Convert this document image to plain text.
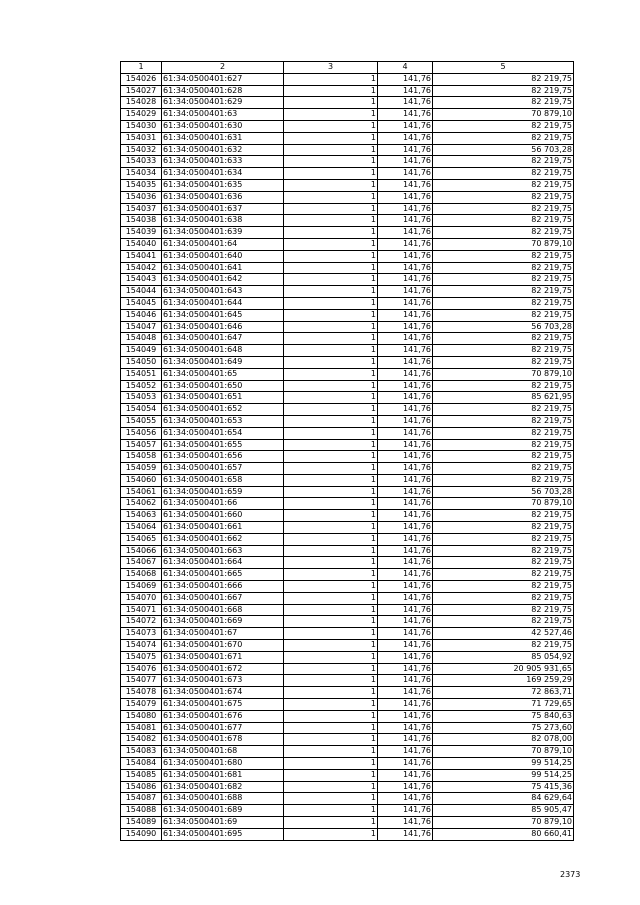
1	2	3	4	5
154026	61:34:0500401:627	1	141,76	82 219,75
154027	61:34:0500401:628	1	141,76	82 219,75
154028	61:34:0500401:629	1	141,76	82 219,75
154029	61:34:0500401:63	1	141,76	70 879,10
154030	61:34:0500401:630	1	141,76	82 219,75
154031	61:34:0500401:631	1	141,76	82 219,75
154032	61:34:0500401:632	1	141,76	56 703,28
154033	61:34:0500401:633	1	141,76	82 219,75
154034	61:34:0500401:634	1	141,76	82 219,75
154035	61:34:0500401:635	1	141,76	82 219,75
154036	61:34:0500401:636	1	141,76	82 219,75
154037	61:34:0500401:637	1	141,76	82 219,75
154038	61:34:0500401:638	1	141,76	82 219,75
154039	61:34:0500401:639	1	141,76	82 219,75
154040	61:34:0500401:64	1	141,76	70 879,10
154041	61:34:0500401:640	1	141,76	82 219,75
154042	61:34:0500401:641	1	141,76	82 219,75
154043	61:34:0500401:642	1	141,76	82 219,75
154044	61:34:0500401:643	1	141,76	82 219,75
154045	61:34:0500401:644	1	141,76	82 219,75
154046	61:34:0500401:645	1	141,76	82 219,75
154047	61:34:0500401:646	1	141,76	56 703,28
154048	61:34:0500401:647	1	141,76	82 219,75
154049	61:34:0500401:648	1	141,76	82 219,75
154050	61:34:0500401:649	1	141,76	82 219,75
154051	61:34:0500401:65	1	141,76	70 879,10
154052	61:34:0500401:650	1	141,76	82 219,75
154053	61:34:0500401:651	1	141,76	85 621,95
154054	61:34:0500401:652	1	141,76	82 219,75
154055	61:34:0500401:653	1	141,76	82 219,75
154056	61:34:0500401:654	1	141,76	82 219,75
154057	61:34:0500401:655	1	141,76	82 219,75
154058	61:34:0500401:656	1	141,76	82 219,75
154059	61:34:0500401:657	1	141,76	82 219,75
154060	61:34:0500401:658	1	141,76	82 219,75
154061	61:34:0500401:659	1	141,76	56 703,28
154062	61:34:0500401:66	1	141,76	70 879,10
154063	61:34:0500401:660	1	141,76	82 219,75
154064	61:34:0500401:661	1	141,76	82 219,75
154065	61:34:0500401:662	1	141,76	82 219,75
154066	61:34:0500401:663	1	141,76	82 219,75
154067	61:34:0500401:664	1	141,76	82 219,75
154068	61:34:0500401:665	1	141,76	82 219,75
154069	61:34:0500401:666	1	141,76	82 219,75
154070	61:34:0500401:667	1	141,76	82 219,75
154071	61:34:0500401:668	1	141,76	82 219,75
154072	61:34:0500401:669	1	141,76	82 219,75
154073	61:34:0500401:67	1	141,76	42 527,46
154074	61:34:0500401:670	1	141,76	82 219,75
154075	61:34:0500401:671	1	141,76	85 054,92
154076	61:34:0500401:672	1	141,76	20 905 931,65
154077	61:34:0500401:673	1	141,76	169 259,29
154078	61:34:0500401:674	1	141,76	72 863,71
154079	61:34:0500401:675	1	141,76	71 729,65
154080	61:34:0500401:676	1	141,76	75 840,63
154081	61:34:0500401:677	1	141,76	75 273,60
154082	61:34:0500401:678	1	141,76	82 078,00
154083	61:34:0500401:68	1	141,76	70 879,10
154084	61:34:0500401:680	1	141,76	99 514,25
154085	61:34:0500401:681	1	141,76	99 514,25
154086	61:34:0500401:682	1	141,76	75 415,36
154087	61:34:0500401:688	1	141,76	84 629,64
154088	61:34:0500401:689	1	141,76	85 905,47
154089	61:34:0500401:69	1	141,76	70 879,10
154090	61:34:0500401:695	1	141,76	80 660,41
2373
